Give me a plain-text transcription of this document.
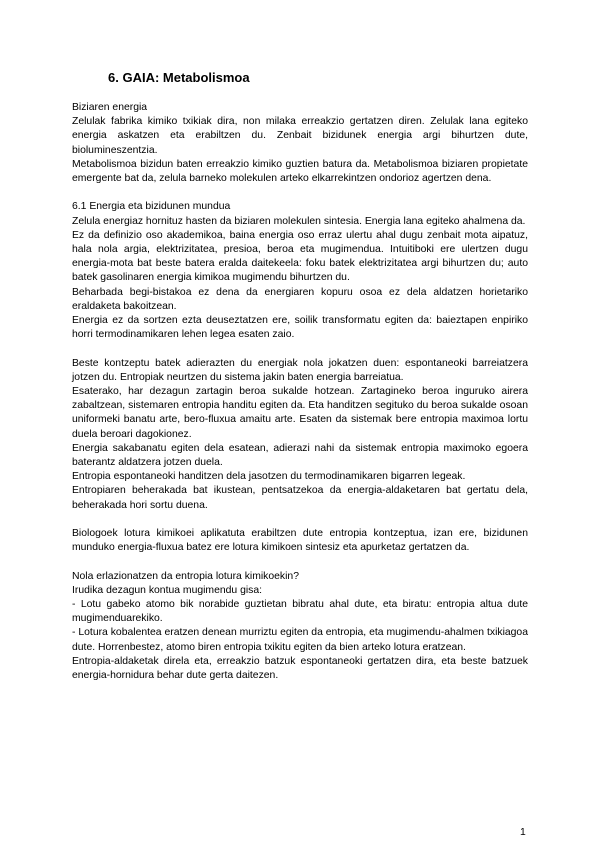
6. GAIA: Metabolismoa

Biziaren energia

Zelulak fabrika kimiko txikiak dira, non milaka erreakzio gertatzen diren. Zelulak lana egiteko energia askatzen eta erabiltzen du. Zenbait bizidunek energia argi bihurtzen dute, biolumineszentzia.

Metabolismoa bizidun baten erreakzio kimiko guztien batura da. Metabolismoa biziaren propietate emergente bat da, zelula barneko molekulen arteko elkarrekintzen ondorioz agertzen dena.

6.1 Energia eta bizidunen mundua

Zelula energiaz hornituz hasten da biziaren molekulen sintesia. Energia lana egiteko ahalmena da.

Ez da definizio oso akademikoa, baina energia oso erraz ulertu ahal dugu zenbait mota aipatuz, hala nola argia, elektrizitatea, presioa, beroa eta mugimendua. Intuitiboki ere ulertzen dugu energia-mota bat beste batera eralda daitekeela: foku batek elektrizitatea argi bihurtzen du; auto batek gasolinaren energia kimikoa mugimendu bihurtzen du.

Beharbada begi-bistakoa ez dena da energiaren kopuru osoa ez dela aldatzen horietariko eraldaketa bakoitzean.

Energia ez da sortzen ezta deuseztatzen ere, soilik transformatu egiten da: baieztapen enpiriko horri termodinamikaren lehen legea esaten zaio.

Beste kontzeptu batek adierazten du energiak nola jokatzen duen: espontaneoki barreiatzera jotzen du. Entropiak neurtzen du sistema jakin baten energia barreiatua.

Esaterako, har dezagun zartagin beroa sukalde hotzean. Zartagineko beroa inguruko airera zabaltzean, sistemaren entropia handitu egiten da. Eta handitzen segituko du beroa sukalde osoan uniformeki banatu arte, bero-fluxua amaitu arte. Esaten da sistemak bere entropia maximoa lortu duela beroari dagokionez.

Energia sakabanatu egiten dela esatean, adierazi nahi da sistemak entropia maximoko egoera baterantz aldatzera jotzen duela.

Entropia espontaneoki handitzen dela jasotzen du termodinamikaren bigarren legeak.

Entropiaren beherakada bat ikustean, pentsatzekoa da energia-aldaketaren bat gertatu dela, beherakada hori sortu duena.

Biologoek lotura kimikoei aplikatuta erabiltzen dute entropia kontzeptua, izan ere, bizidunen munduko energia-fluxua batez ere lotura kimikoen sintesiz eta apurketaz gertatzen da.

Nola erlazionatzen da entropia lotura kimikoekin?

Irudika dezagun kontua mugimendu gisa:

- Lotu gabeko atomo bik norabide guztietan bibratu ahal dute, eta biratu: entropia altua dute mugimenduarekiko.

- Lotura kobalentea eratzen denean murriztu egiten da entropia, eta mugimendu-ahalmen txikiagoa dute. Horrenbestez, atomo biren entropia txikitu egiten da bien arteko lotura eratzean.

Entropia-aldaketak direla eta, erreakzio batzuk espontaneoki gertatzen dira, eta beste batzuek energia-hornidura behar dute gerta daitezen.

1
